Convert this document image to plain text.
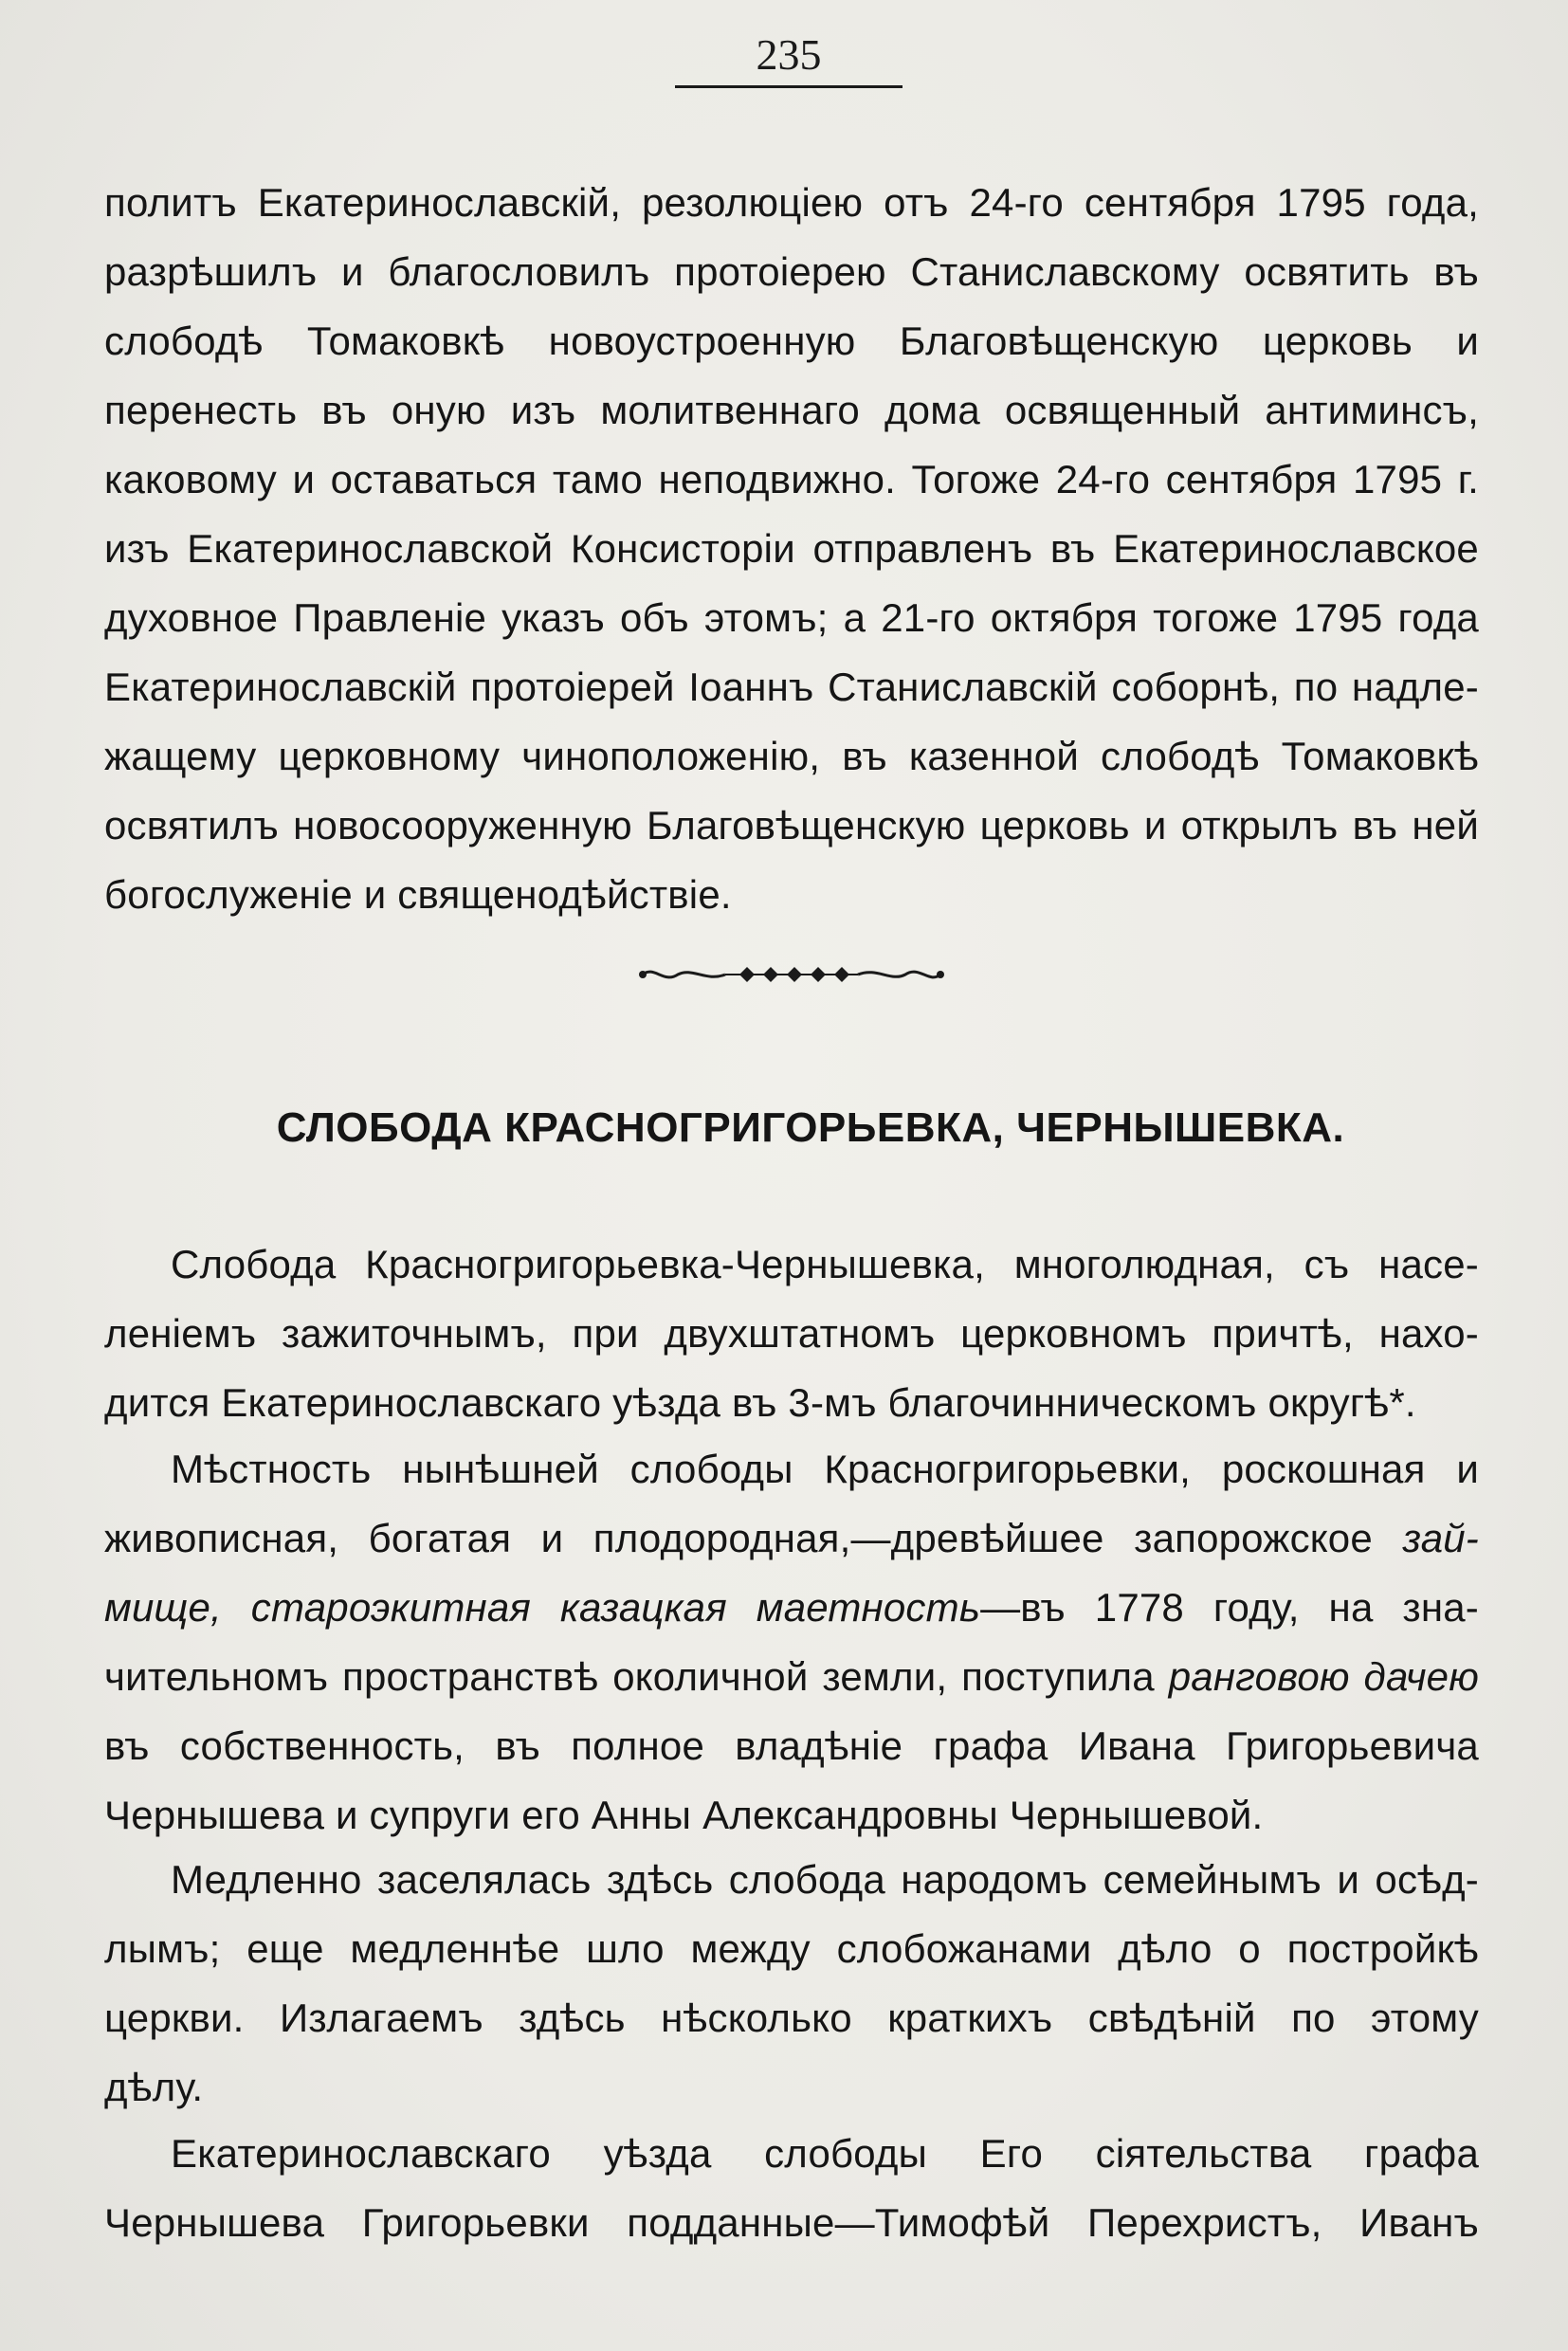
235
политъ Екатеринославскій, резолюціею отъ 24-го сентября 1795 года,
разрѣшилъ и благословилъ протоіерею Станиславскому освятить въ
слободѣ Томаковкѣ новоустроенную Благовѣщенскую церковь и
перенесть въ оную изъ молитвеннаго дома освященный антиминсъ,
каковому и оставаться тамо неподвижно. Тогоже 24-го сентября 1795 г.
изъ Екатеринославской Консисторіи отправленъ въ Екатеринославское
духовное Правленіе указъ объ этомъ; а 21-го октября тогоже 1795 года
Екатеринославскій протоіерей Іоаннъ Станиславскій соборнѣ, по надле-
жащему церковному чиноположенію, въ казенной слободѣ Томаковкѣ
освятилъ новосооруженную Благовѣщенскую церковь и открылъ въ ней
богослуженіе и священодѣйствіе.
СЛОБОДА КРАСНОГРИГОРЬЕВКА, ЧЕРНЫШЕВКА.
Слобода Красногригорьевка-Чернышевка, многолюдная, съ насе-
леніемъ зажиточнымъ, при двухштатномъ церковномъ причтѣ, нахо-
дится Екатеринославскаго уѣзда въ 3-мъ благочинническомъ округѣ*.
Мѣстность нынѣшней слободы Красногригорьевки, роскошная и
живописная, богатая и плодородная,—древѣйшее запорожское зай-
мище, староэкитная казацкая маетность—въ 1778 году, на зна-
чительномъ пространствѣ околичной земли, поступила ранговою дачею
въ собственность, въ полное владѣніе графа Ивана Григорьевича
Чернышева и супруги его Анны Александровны Чернышевой.
Медленно заселялась здѣсь слобода народомъ семейнымъ и осѣд-
лымъ; еще медленнѣе шло между слобожанами дѣло о постройкѣ
церкви. Излагаемъ здѣсь нѣсколько краткихъ свѣдѣній по этому
дѣлу.
Екатеринославскаго уѣзда слободы Его сіятельства графа
Чернышева Григорьевки подданные—Тимофѣй Перехристъ, Иванъ
